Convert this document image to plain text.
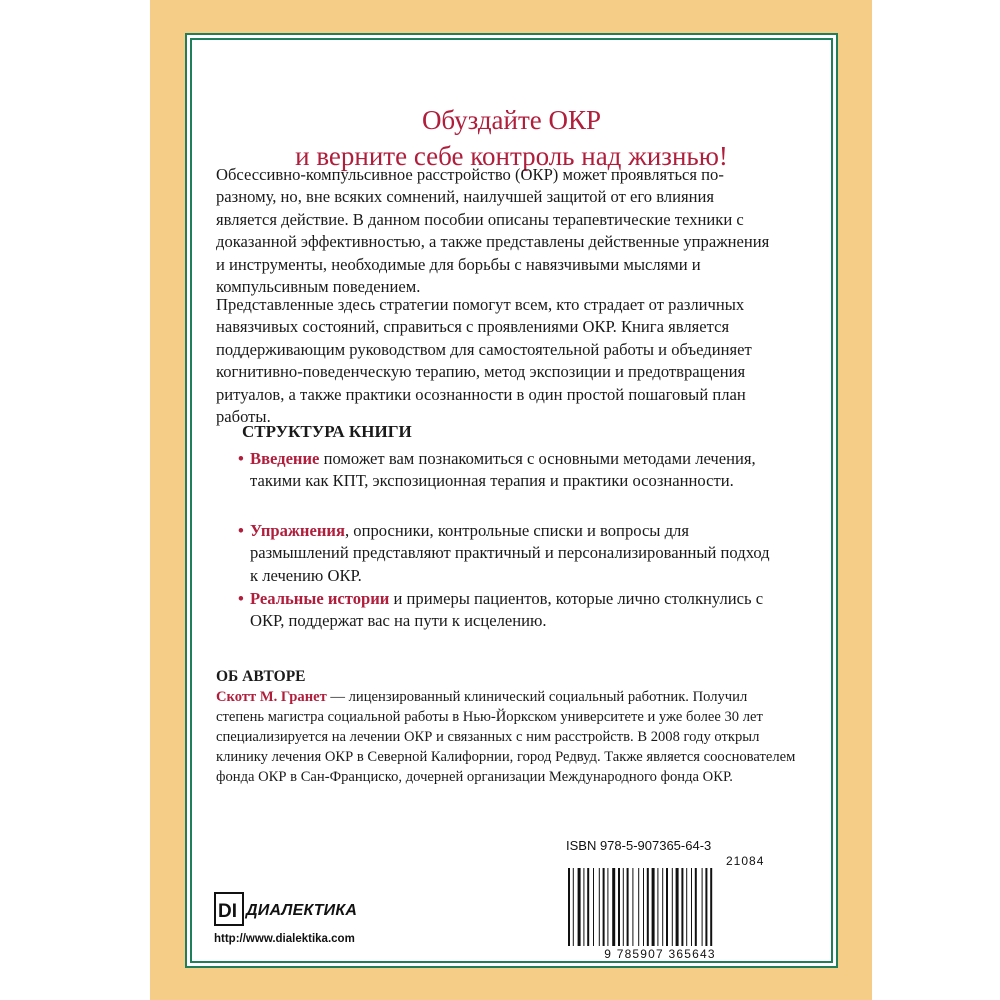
Обуздайте ОКР
и верните себе контроль над жизнью!
Обсессивно-компульсивное расстройство (ОКР) может проявляться по-разному, но, вне всяких сомнений, наилучшей защитой от его влияния является действие. В данном пособии описаны терапевтические техники с доказанной эффективностью, а также представлены действенные упражнения и инструменты, необходимые для борьбы с навязчивыми мыслями и компульсивным поведением.
Представленные здесь стратегии помогут всем, кто страдает от различных навязчивых состояний, справиться с проявлениями ОКР. Книга является поддерживающим руководством для самостоятельной работы и объединяет когнитивно-поведенческую терапию, метод экспозиции и предотвращения ритуалов, а также практики осознанности в один простой пошаговый план работы.
СТРУКТУРА КНИГИ
• Введение поможет вам познакомиться с основными методами лечения, такими как КПТ, экспозиционная терапия и практики осознанности.
• Упражнения, опросники, контрольные списки и вопросы для размышлений представляют практичный и персонализированный подход к лечению ОКР.
• Реальные истории и примеры пациентов, которые лично столкнулись с ОКР, поддержат вас на пути к исцелению.
ОБ АВТОРЕ
Скотт М. Гранет — лицензированный клинический социальный работник. Получил степень магистра социальной работы в Нью-Йоркском университете и уже более 30 лет специализируется на лечении ОКР и связанных с ним расстройств. В 2008 году открыл клинику лечения ОКР в Северной Калифорнии, город Редвуд. Также является сооснователем фонда ОКР в Сан-Франциско, дочерней организации Международного фонда ОКР.
ISBN 978-5-907365-64-3
21084
9 785907 365643
DI ДИАЛЕКТИКА
http://www.dialektika.com
